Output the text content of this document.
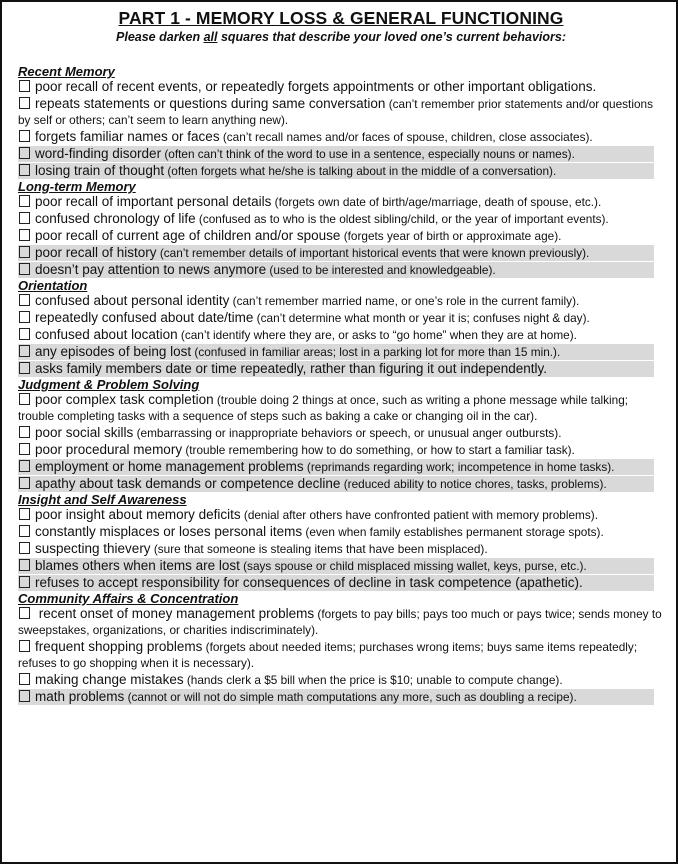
PART 1 - MEMORY LOSS & GENERAL FUNCTIONING
Please darken all squares that describe your loved one’s current behaviors:
Recent Memory
poor recall of recent events, or repeatedly forgets appointments or other important obligations.
repeats statements or questions during same conversation (can’t remember prior statements and/or questions by self or others; can’t seem to learn anything new).
forgets familiar names or faces (can’t recall names and/or faces of spouse, children, close associates).
word-finding disorder (often can’t think of the word to use in a sentence, especially nouns or names).
losing train of thought (often forgets what he/she is talking about in the middle of a conversation).
Long-term Memory
poor recall of important personal details (forgets own date of birth/age/marriage, death of spouse, etc.).
confused chronology of life (confused as to who is the oldest sibling/child, or the year of important events).
poor recall of current age of children and/or spouse (forgets year of birth or approximate age).
poor recall of history (can’t remember details of important historical events that were known previously).
doesn’t pay attention to news anymore (used to be interested and knowledgeable).
Orientation
confused about personal identity (can’t remember married name, or one’s role in the current family).
repeatedly confused about date/time (can’t determine what month or year it is; confuses night & day).
confused about location (can’t identify where they are, or asks to “go home” when they are at home).
any episodes of being lost (confused in familiar areas; lost in a parking lot for more than 15 min.).
asks family members date or time repeatedly, rather than figuring it out independently.
Judgment & Problem Solving
poor complex task completion (trouble doing 2 things at once, such as writing a phone message while talking; trouble completing tasks with a sequence of steps such as baking a cake or changing oil in the car).
poor social skills (embarrassing or inappropriate behaviors or speech, or unusual anger outbursts).
poor procedural memory (trouble remembering how to do something, or how to start a familiar task).
employment or home management problems (reprimands regarding work; incompetence in home tasks).
apathy about task demands or competence decline (reduced ability to notice chores, tasks, problems).
Insight and Self Awareness
poor insight about memory deficits (denial after others have confronted patient with memory problems).
constantly misplaces or loses personal items (even when family establishes permanent storage spots).
suspecting thievery (sure that someone is stealing items that have been misplaced).
blames others when items are lost (says spouse or child misplaced missing wallet, keys, purse, etc.).
refuses to accept responsibility for consequences of decline in task competence (apathetic).
Community Affairs & Concentration
recent onset of money management problems (forgets to pay bills; pays too much or pays twice; sends money to sweepstakes, organizations, or charities indiscriminately).
frequent shopping problems (forgets about needed items; purchases wrong items; buys same items repeatedly; refuses to go shopping when it is necessary).
making change mistakes (hands clerk a $5 bill when the price is $10; unable to compute change).
math problems (cannot or will not do simple math computations any more, such as doubling a recipe).
